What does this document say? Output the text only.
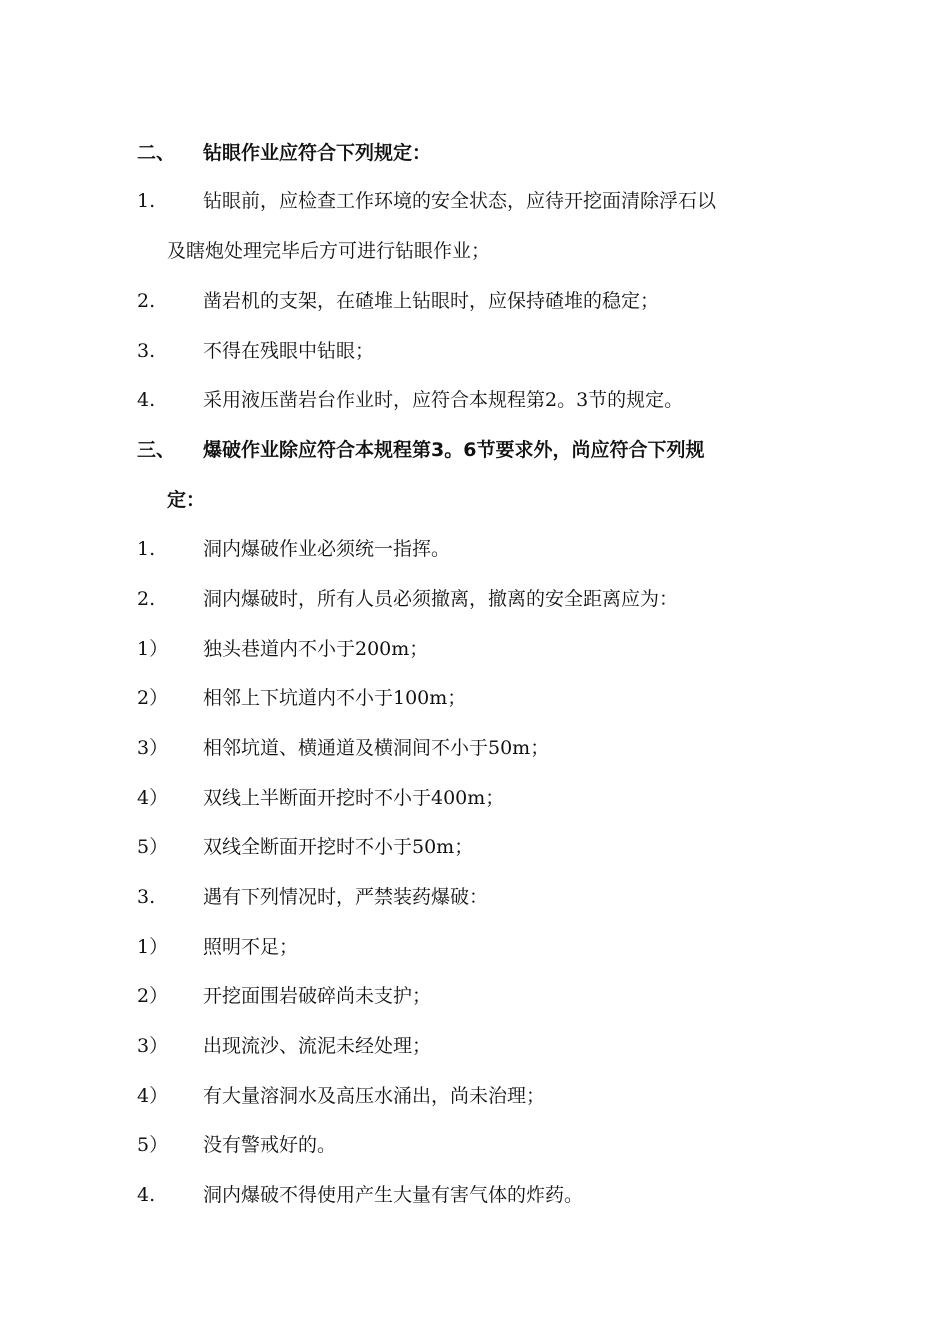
二、 钻眼作业应符合下列规定：
1.	钻眼前，应检查工作环境的安全状态，应待开挖面清除浮石以
及瞎炮处理完毕后方可进行钻眼作业；
2.	凿岩机的支架，在碴堆上钻眼时，应保持碴堆的稳定；
3.	不得在残眼中钻眼；
4.	采用液压凿岩台作业时，应符合本规程第2。3节的规定。
三、 爆破作业除应符合本规程第3。6节要求外，尚应符合下列规
定：
1.	洞内爆破作业必须统一指挥。
2.	洞内爆破时，所有人员必须撤离，撤离的安全距离应为：
1） 独头巷道内不小于200m；
2） 相邻上下坑道内不小于100m；
3） 相邻坑道、横通道及横洞间不小于50m；
4） 双线上半断面开挖时不小于400m；
5） 双线全断面开挖时不小于50m；
3.	遇有下列情况时，严禁装药爆破：
1） 照明不足；
2） 开挖面围岩破碎尚未支护；
3） 出现流沙、流泥未经处理；
4） 有大量溶洞水及高压水涌出，尚未治理；
5） 没有警戒好的。
4.	洞内爆破不得使用产生大量有害气体的炸药。
